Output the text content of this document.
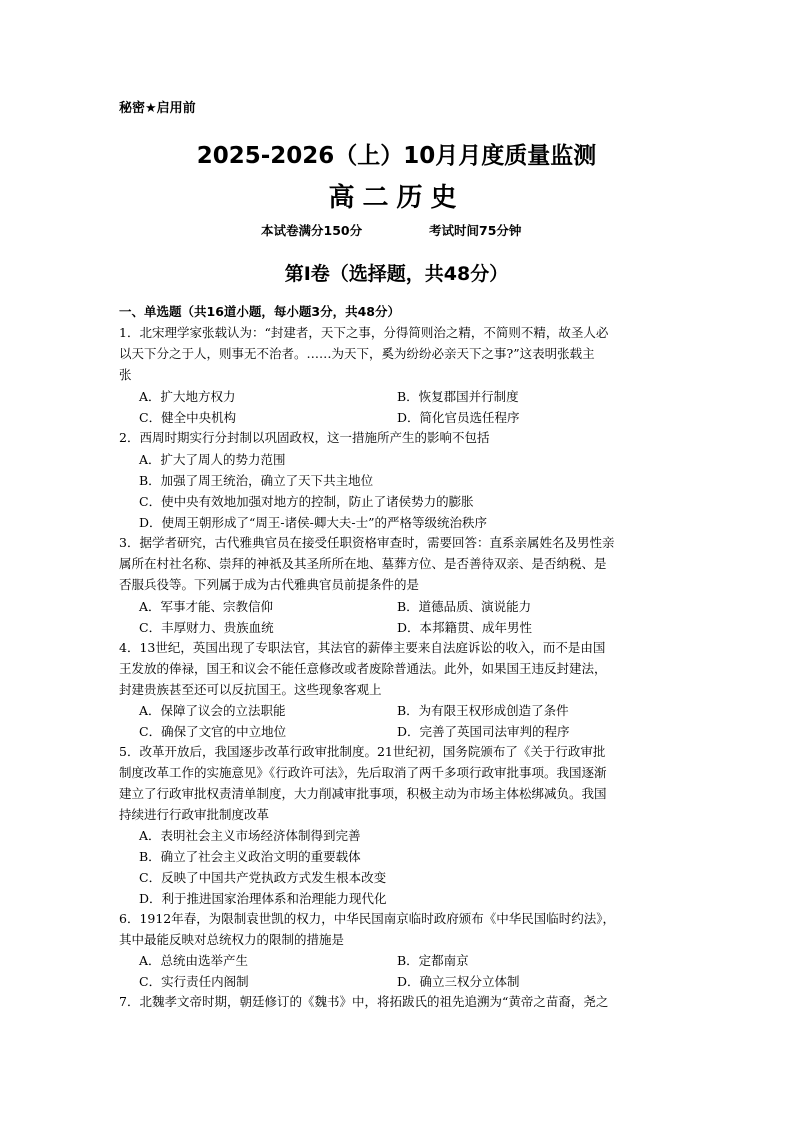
秘密★启用前
2025-2026（上）10月月度质量监测
高二历史
本试卷满分150分	考试时间75分钟
第Ⅰ卷（选择题，共48分）
一、单选题（共16道小题，每小题3分，共48分）
1．北宋理学家张载认为：“封建者，天下之事，分得简则治之精，不简则不精，故圣人必
以天下分之于人，则事无不治者。……为天下，奚为纷纷必亲天下之事?”这表明张载主
张
A．扩大地方权力	B．恢复郡国并行制度
C．健全中央机构	D．简化官员选任程序
2．西周时期实行分封制以巩固政权，这一措施所产生的影响不包括
A．扩大了周人的势力范围
B．加强了周王统治，确立了天下共主地位
C．使中央有效地加强对地方的控制，防止了诸侯势力的膨胀
D．使周王朝形成了“周王-诸侯-卿大夫-士”的严格等级统治秩序
3．据学者研究，古代雅典官员在接受任职资格审查时，需要回答：直系亲属姓名及男性亲
属所在村社名称、崇拜的神祇及其圣所所在地、墓葬方位、是否善待双亲、是否纳税、是
否服兵役等。下列属于成为古代雅典官员前提条件的是
A．军事才能、宗教信仰	B．道德品质、演说能力
C．丰厚财力、贵族血统	D．本邦籍贯、成年男性
4．13世纪，英国出现了专职法官，其法官的薪俸主要来自法庭诉讼的收入，而不是由国
王发放的俸禄，国王和议会不能任意修改或者废除普通法。此外，如果国王违反封建法，
封建贵族甚至还可以反抗国王。这些现象客观上
A．保障了议会的立法职能	B．为有限王权形成创造了条件
C．确保了文官的中立地位	D．完善了英国司法审判的程序
5．改革开放后，我国逐步改革行政审批制度。21世纪初，国务院颁布了《关于行政审批
制度改革工作的实施意见》《行政许可法》，先后取消了两千多项行政审批事项。我国逐渐
建立了行政审批权责清单制度，大力削减审批事项，积极主动为市场主体松绑减负。我国
持续进行行政审批制度改革
A．表明社会主义市场经济体制得到完善
B．确立了社会主义政治文明的重要载体
C．反映了中国共产党执政方式发生根本改变
D．利于推进国家治理体系和治理能力现代化
6．1912年春，为限制袁世凯的权力，中华民国南京临时政府颁布《中华民国临时约法》，
其中最能反映对总统权力的限制的措施是
A．总统由选举产生	B．定都南京
C．实行责任内阁制	D．确立三权分立体制
7．北魏孝文帝时期，朝廷修订的《魏书》中，将拓跋氏的祖先追溯为“黄帝之苗裔，尧之
